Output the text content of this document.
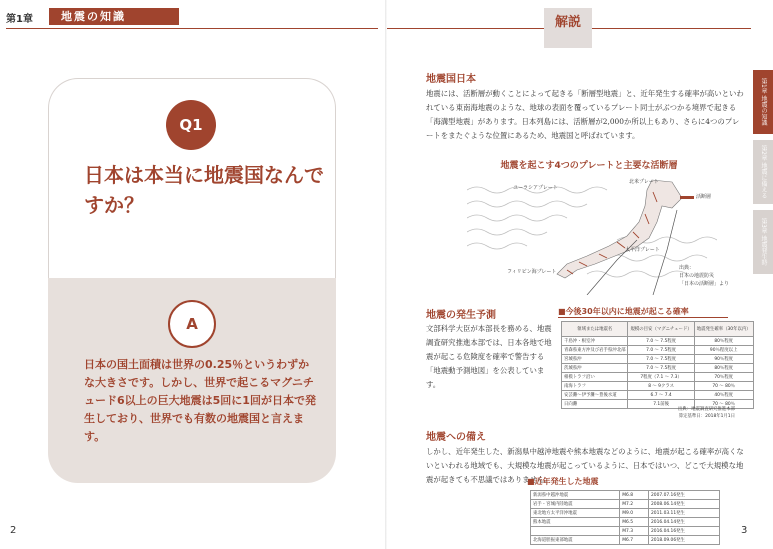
第1章	地震の知識
Q1
日本は本当に地震国なんですか？
A
日本の国土面積は世界の0.25％というわずかな大きさです。しかし、世界で起こるマグニチュード6以上の巨大地震は5回に1回が日本で発生しており、世界でも有数の地震国と言えます。
2
解説
第1章 地震の知識
第2章 地震に備える
第3章 地震発生時
地震国日本
地震には、活断層が動くことによって起きる「断層型地震」と、近年発生する確率が高いといわれている東南海地震のような、地球の表面を覆っているプレート同士がぶつかる境界で起きる「海溝型地震」があります。日本列島には、活断層が2,000か所以上もあり、さらに4つのプレートをまたぐような位置にあるため、地震国と呼ばれています。
地震を起こす4つのプレートと主要な活断層
ユーラシアプレート
北米プレート
太平洋プレート
フィリピン海プレート
活断層
出典：
日本の地震防災
「日本の活断層」より
地震の発生予測
文部科学大臣が本部長を務める、地震調査研究推進本部では、日本各地で地震が起こる危険度を確率で警告する「地震動予測地図」を公表しています。
■今後30年以内に地震が起こる確率
領域または地震名	規模の目安（マグニチュード）	地震発生確率（30年以内）
千島沖・根室沖	7.0 〜 7.5程度	80％程度
青森県東方沖及び岩手県沖北部	7.0 〜 7.5程度	90％程度以上
宮城県沖	7.0 〜 7.5程度	90％程度
茨城県沖	7.0 〜 7.5程度	80％程度
相模トラフ沿い	7程度（7.1 〜 7.3）	70％程度
南海トラフ	8 〜 9クラス	70 〜 80％
安芸灘〜伊予灘〜豊後水道	6.7 〜 7.4	40％程度
日向灘	7.1前後	70 〜 80％
出典：地震調査研究推進本部
算定基準日：2018年1月1日
地震への備え
しかし、近年発生した、新潟県中越沖地震や熊本地震などのように、地震が起こる確率が高くないといわれる地域でも、大規模な地震が起こっているように、日本ではいつ、どこで大規模な地震が起きても不思議ではありません。
■近年発生した地震
新潟県中越沖地震	M6.8	2007.07.16発生
岩手・宮城内陸地震	M7.2	2008.06.14発生
東北地方太平洋沖地震	M9.0	2011.03.11発生
熊本地震	M6.5	2016.04.14発生
	M7.3	2016.04.16発生
北海道胆振東部地震	M6.7	2018.09.06発生
3
